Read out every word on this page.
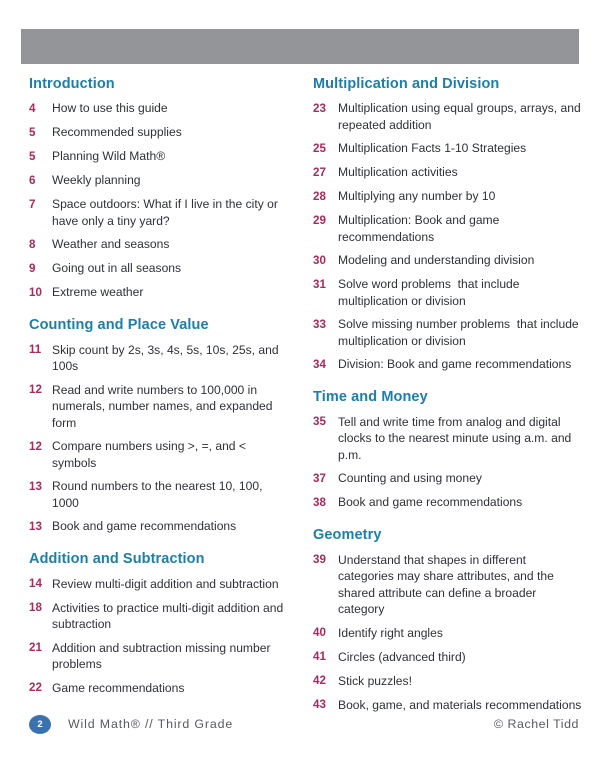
Introduction
4	How to use this guide
5	Recommended supplies
5	Planning Wild Math®
6	Weekly planning
7	Space outdoors: What if I live in the city or have only a tiny yard?
8	Weather and seasons
9	Going out in all seasons
10 Extreme weather
Counting and Place Value
11 Skip count by 2s, 3s, 4s, 5s, 10s, 25s, and 100s
12 Read and write numbers to 100,000 in numerals, number names, and expanded form
12 Compare numbers using >, =, and < symbols
13 Round numbers to the nearest 10, 100, 1000
13 Book and game recommendations
Addition and Subtraction
14 Review multi-digit addition and subtraction
18 Activities to practice multi-digit addition and subtraction
21 Addition and subtraction missing number problems
22 Game recommendations
Multiplication and Division
23 Multiplication using equal groups, arrays, and repeated addition
25 Multiplication Facts 1-10 Strategies
27 Multiplication activities
28 Multiplying any number by 10
29 Multiplication: Book and game recommendations
30 Modeling and understanding division
31 Solve word problems  that include multiplication or division
33 Solve missing number problems  that include multiplication or division
34 Division: Book and game recommendations
Time and Money
35 Tell and write time from analog and digital clocks to the nearest minute using a.m. and p.m.
37 Counting and using money
38 Book and game recommendations
Geometry
39 Understand that shapes in different categories may share attributes, and the shared attribute can define a broader category
40 Identify right angles
41 Circles (advanced third)
42 Stick puzzles!
43 Book, game, and materials recommendations
2	Wild Math® // Third Grade	© Rachel Tidd
